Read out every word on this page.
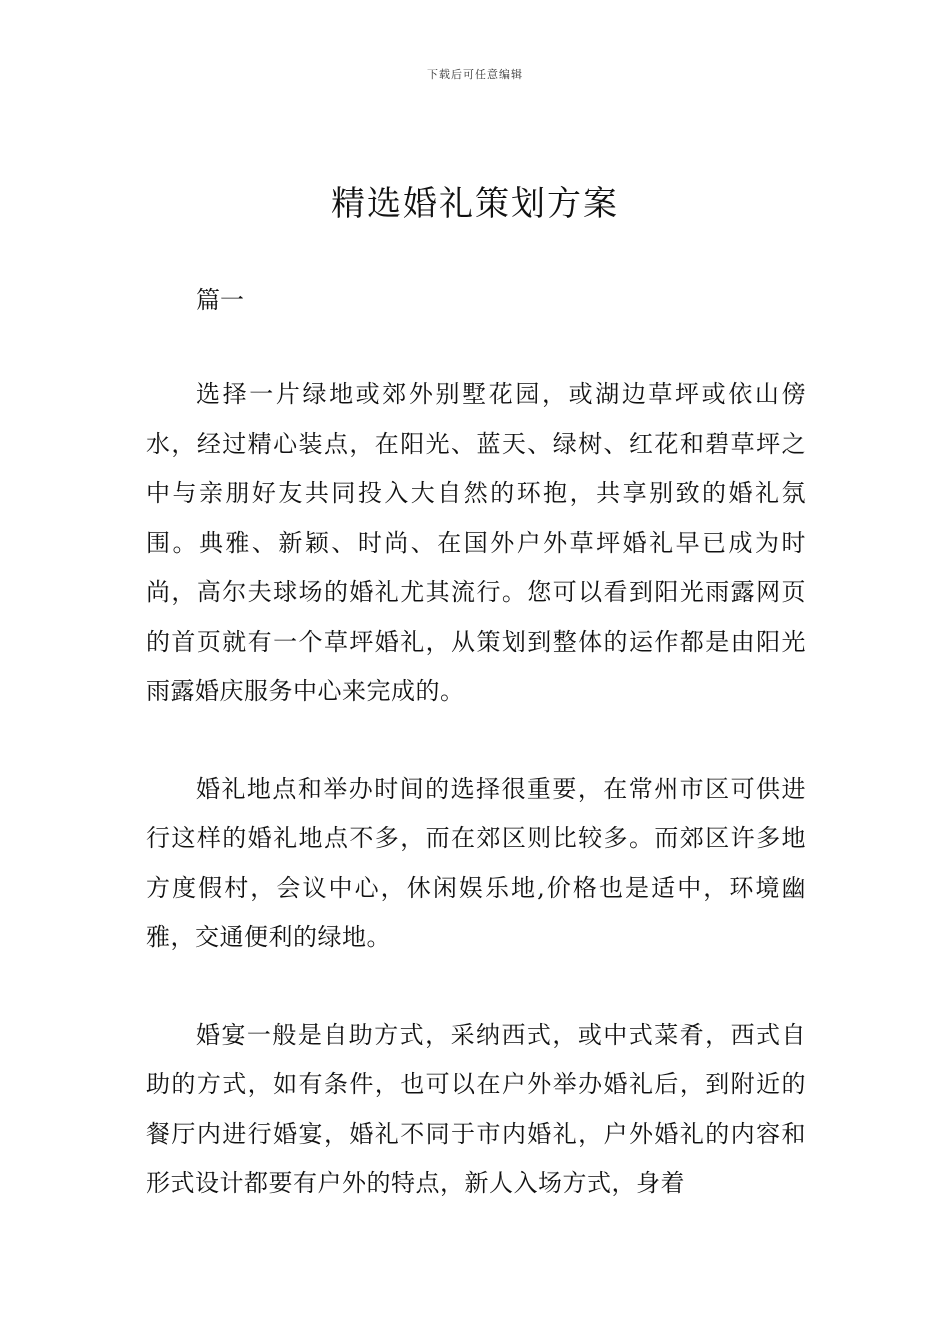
下载后可任意编辑
精选婚礼策划方案

篇一

选择一片绿地或郊外别墅花园，或湖边草坪或依山傍水，经过精心装点，在阳光、蓝天、绿树、红花和碧草坪之中与亲朋好友共同投入大自然的环抱，共享别致的婚礼氛围。典雅、新颖、时尚、在国外户外草坪婚礼早已成为时尚，高尔夫球场的婚礼尤其流行。您可以看到阳光雨露网页的首页就有一个草坪婚礼，从策划到整体的运作都是由阳光雨露婚庆服务中心来完成的。

婚礼地点和举办时间的选择很重要，在常州市区可供进行这样的婚礼地点不多，而在郊区则比较多。而郊区许多地方度假村，会议中心，休闲娱乐地,价格也是适中，环境幽雅，交通便利的绿地。

婚宴一般是自助方式，采纳西式，或中式菜肴，西式自助的方式，如有条件，也可以在户外举办婚礼后，到附近的餐厅内进行婚宴，婚礼不同于市内婚礼，户外婚礼的内容和形式设计都要有户外的特点，新人入场方式，身着
